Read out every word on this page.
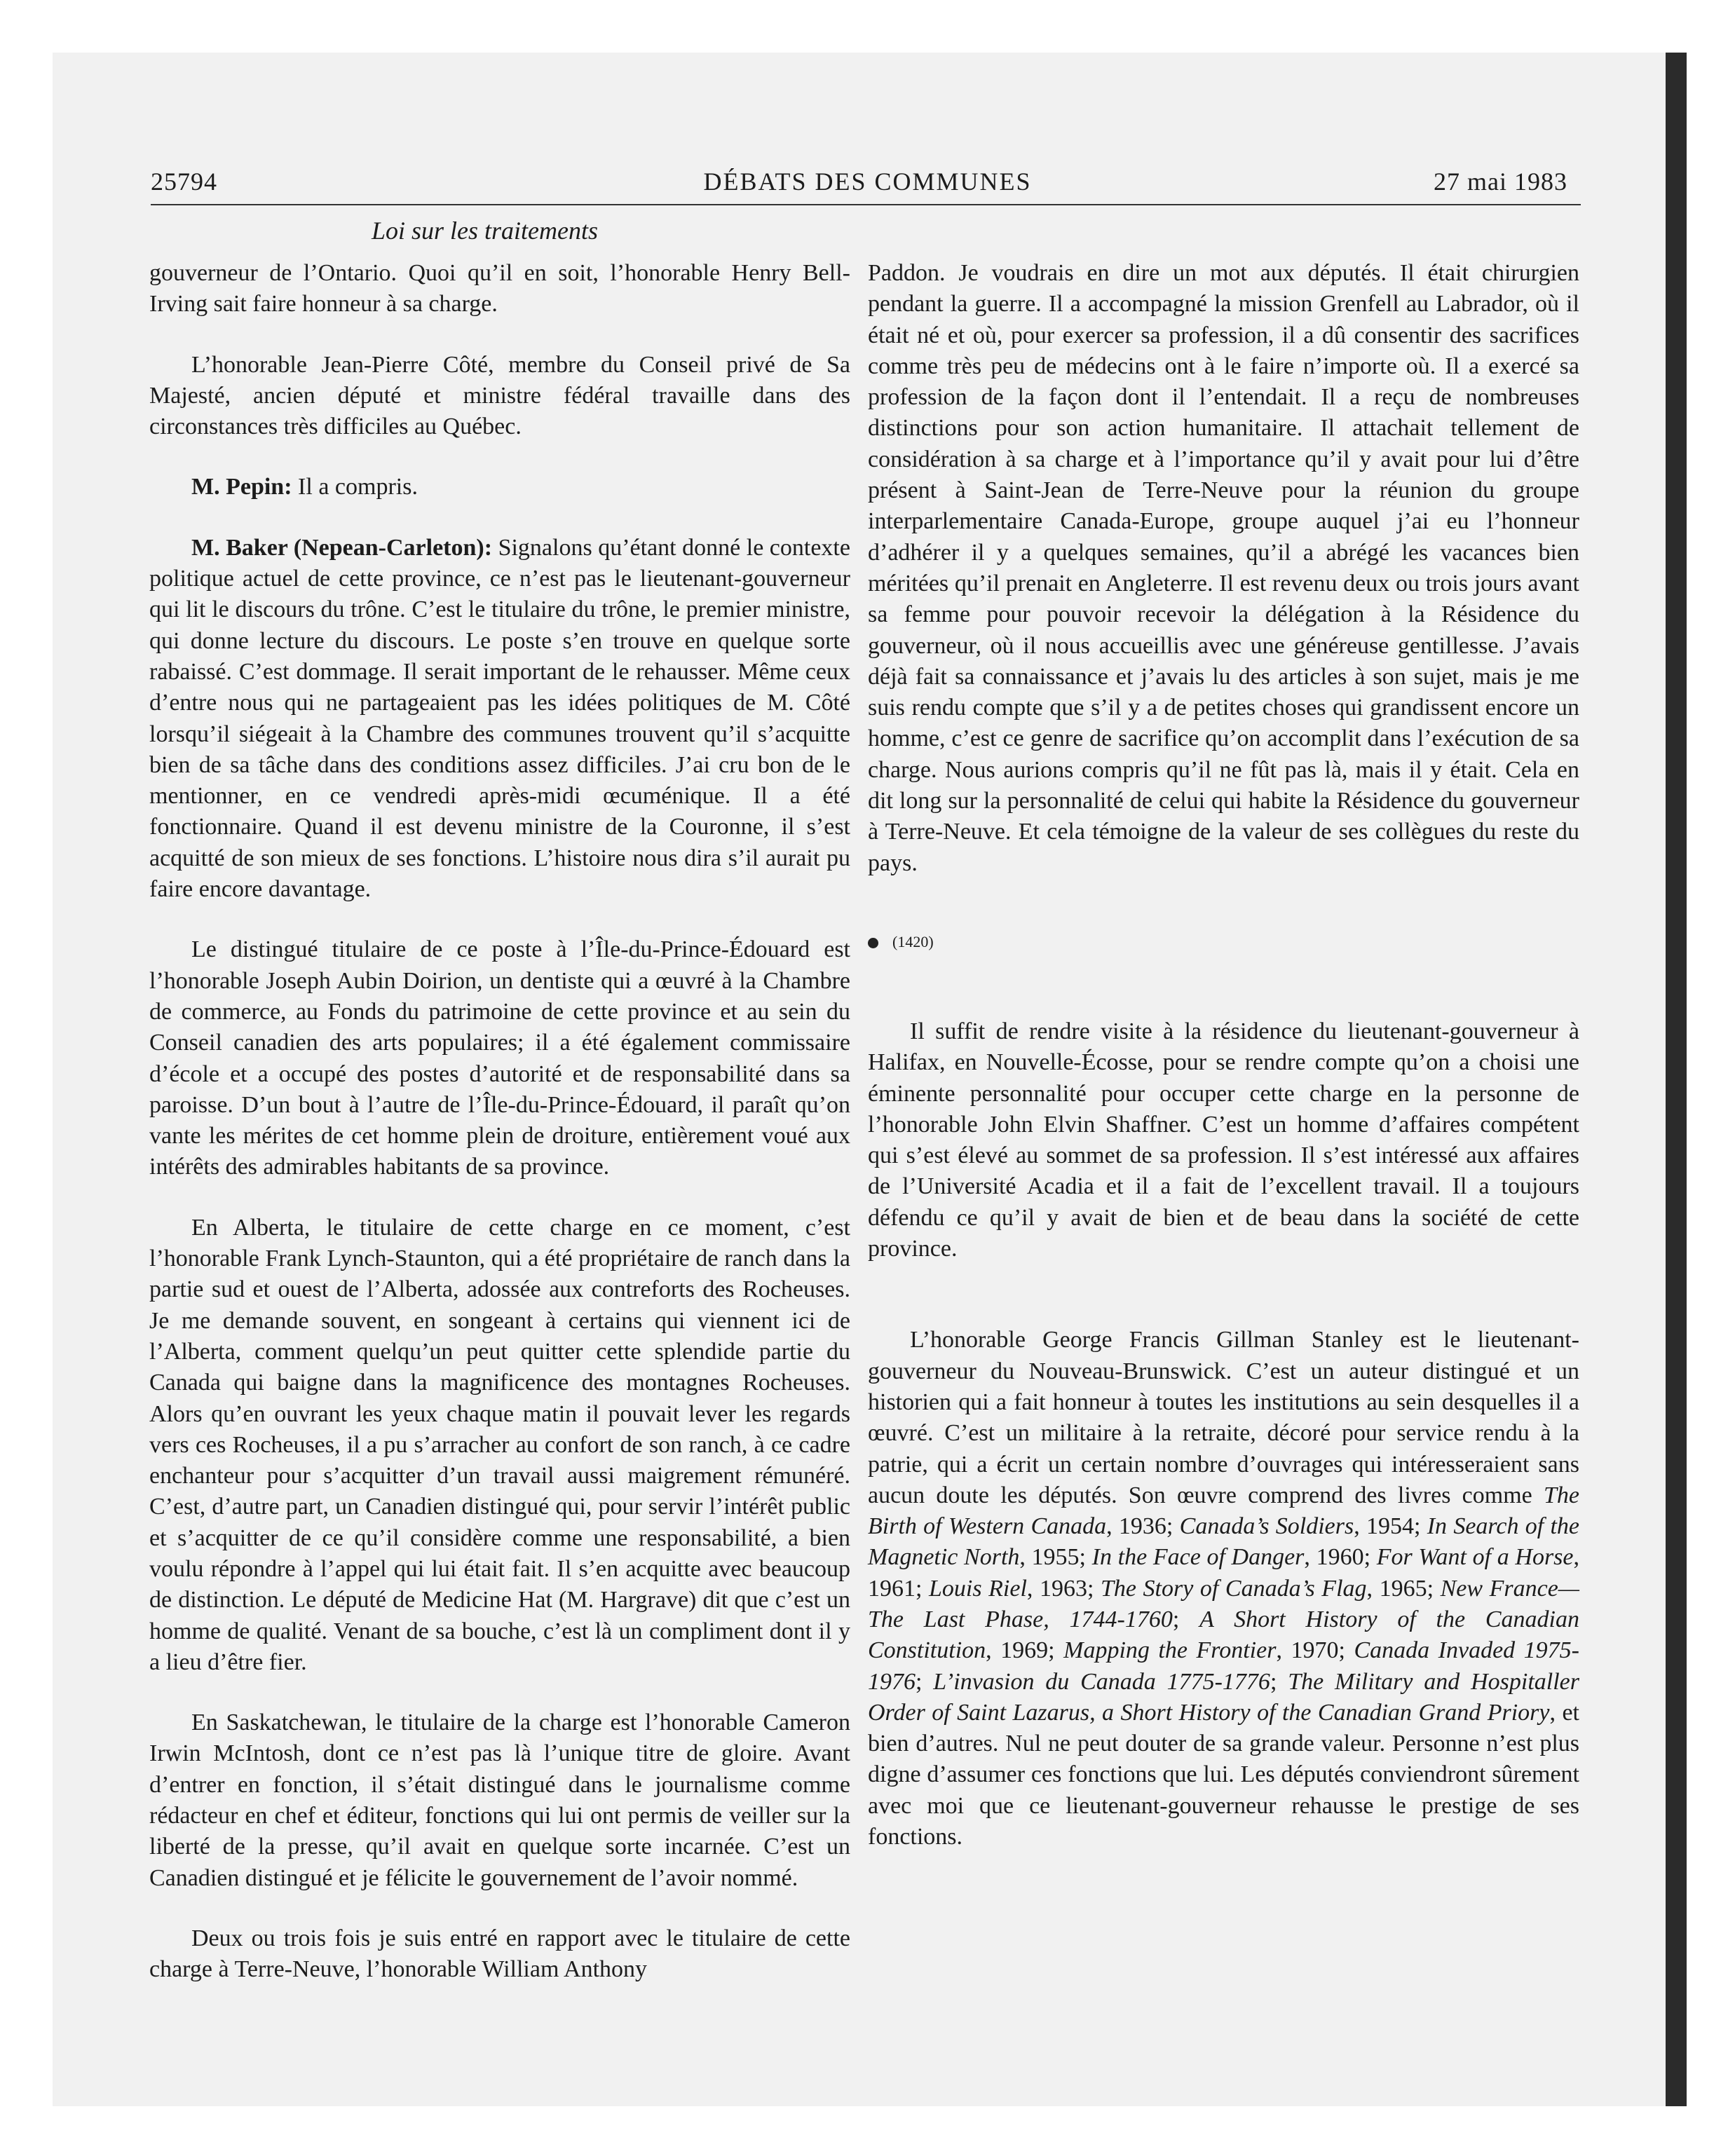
25794	DÉBATS DES COMMUNES	27 mai 1983
Loi sur les traitements

gouverneur de l’Ontario. Quoi qu’il en soit, l’honorable Henry Bell-Irving sait faire honneur à sa charge.

L’honorable Jean-Pierre Côté, membre du Conseil privé de Sa Majesté, ancien député et ministre fédéral travaille dans des circonstances très difficiles au Québec.

M. Pepin: Il a compris.

M. Baker (Nepean-Carleton): Signalons qu’étant donné le contexte politique actuel de cette province, ce n’est pas le lieutenant-gouverneur qui lit le discours du trône. C’est le titulaire du trône, le premier ministre, qui donne lecture du discours. Le poste s’en trouve en quelque sorte rabaissé. C’est dommage. Il serait important de le rehausser. Même ceux d’entre nous qui ne partageaient pas les idées politiques de M. Côté lorsqu’il siégeait à la Chambre des communes trouvent qu’il s’acquitte bien de sa tâche dans des conditions assez difficiles. J’ai cru bon de le mentionner, en ce vendredi après-midi œcuménique. Il a été fonctionnaire. Quand il est devenu ministre de la Couronne, il s’est acquitté de son mieux de ses fonctions. L’histoire nous dira s’il aurait pu faire encore davantage.

Le distingué titulaire de ce poste à l’Île-du-Prince-Édouard est l’honorable Joseph Aubin Doirion, un dentiste qui a œuvré à la Chambre de commerce, au Fonds du patrimoine de cette province et au sein du Conseil canadien des arts populaires; il a été également commissaire d’école et a occupé des postes d’autorité et de responsabilité dans sa paroisse. D’un bout à l’autre de l’Île-du-Prince-Édouard, il paraît qu’on vante les mérites de cet homme plein de droiture, entièrement voué aux intérêts des admirables habitants de sa province.

En Alberta, le titulaire de cette charge en ce moment, c’est l’honorable Frank Lynch-Staunton, qui a été propriétaire de ranch dans la partie sud et ouest de l’Alberta, adossée aux contreforts des Rocheuses. Je me demande souvent, en songeant à certains qui viennent ici de l’Alberta, comment quelqu’un peut quitter cette splendide partie du Canada qui baigne dans la magnificence des montagnes Rocheuses. Alors qu’en ouvrant les yeux chaque matin il pouvait lever les regards vers ces Rocheuses, il a pu s’arracher au confort de son ranch, à ce cadre enchanteur pour s’acquitter d’un travail aussi maigrement rémunéré. C’est, d’autre part, un Canadien distingué qui, pour servir l’intérêt public et s’acquitter de ce qu’il considère comme une responsabilité, a bien voulu répondre à l’appel qui lui était fait. Il s’en acquitte avec beaucoup de distinction. Le député de Medicine Hat (M. Hargrave) dit que c’est un homme de qualité. Venant de sa bouche, c’est là un compliment dont il y a lieu d’être fier.

En Saskatchewan, le titulaire de la charge est l’honorable Cameron Irwin McIntosh, dont ce n’est pas là l’unique titre de gloire. Avant d’entrer en fonction, il s’était distingué dans le journalisme comme rédacteur en chef et éditeur, fonctions qui lui ont permis de veiller sur la liberté de la presse, qu’il avait en quelque sorte incarnée. C’est un Canadien distingué et je félicite le gouvernement de l’avoir nommé.

Deux ou trois fois je suis entré en rapport avec le titulaire de cette charge à Terre-Neuve, l’honorable William Anthony

Paddon. Je voudrais en dire un mot aux députés. Il était chirurgien pendant la guerre. Il a accompagné la mission Grenfell au Labrador, où il était né et où, pour exercer sa profession, il a dû consentir des sacrifices comme très peu de médecins ont à le faire n’importe où. Il a exercé sa profession de la façon dont il l’entendait. Il a reçu de nombreuses distinctions pour son action humanitaire. Il attachait tellement de considération à sa charge et à l’importance qu’il y avait pour lui d’être présent à Saint-Jean de Terre-Neuve pour la réunion du groupe interparlementaire Canada-Europe, groupe auquel j’ai eu l’honneur d’adhérer il y a quelques semaines, qu’il a abrégé les vacances bien méritées qu’il prenait en Angleterre. Il est revenu deux ou trois jours avant sa femme pour pouvoir recevoir la délégation à la Résidence du gouverneur, où il nous accueillis avec une généreuse gentillesse. J’avais déjà fait sa connaissance et j’avais lu des articles à son sujet, mais je me suis rendu compte que s’il y a de petites choses qui grandissent encore un homme, c’est ce genre de sacrifice qu’on accomplit dans l’exécution de sa charge. Nous aurions compris qu’il ne fût pas là, mais il y était. Cela en dit long sur la personnalité de celui qui habite la Résidence du gouverneur à Terre-Neuve. Et cela témoigne de la valeur de ses collègues du reste du pays.

(1420)

Il suffit de rendre visite à la résidence du lieutenant-gouverneur à Halifax, en Nouvelle-Écosse, pour se rendre compte qu’on a choisi une éminente personnalité pour occuper cette charge en la personne de l’honorable John Elvin Shaffner. C’est un homme d’affaires compétent qui s’est élevé au sommet de sa profession. Il s’est intéressé aux affaires de l’Université Acadia et il a fait de l’excellent travail. Il a toujours défendu ce qu’il y avait de bien et de beau dans la société de cette province.

L’honorable George Francis Gillman Stanley est le lieutenant-gouverneur du Nouveau-Brunswick. C’est un auteur distingué et un historien qui a fait honneur à toutes les institutions au sein desquelles il a œuvré. C’est un militaire à la retraite, décoré pour service rendu à la patrie, qui a écrit un certain nombre d’ouvrages qui intéresseraient sans aucun doute les députés. Son œuvre comprend des livres comme The Birth of Western Canada, 1936; Canada’s Soldiers, 1954; In Search of the Magnetic North, 1955; In the Face of Danger, 1960; For Want of a Horse, 1961; Louis Riel, 1963; The Story of Canada’s Flag, 1965; New France—The Last Phase, 1744-1760; A Short History of the Canadian Constitution, 1969; Mapping the Frontier, 1970; Canada Invaded 1975-1976; L’invasion du Canada 1775-1776; The Military and Hospitaller Order of Saint Lazarus, a Short History of the Canadian Grand Priory, et bien d’autres. Nul ne peut douter de sa grande valeur. Personne n’est plus digne d’assumer ces fonctions que lui. Les députés conviendront sûrement avec moi que ce lieutenant-gouverneur rehausse le prestige de ses fonctions.
